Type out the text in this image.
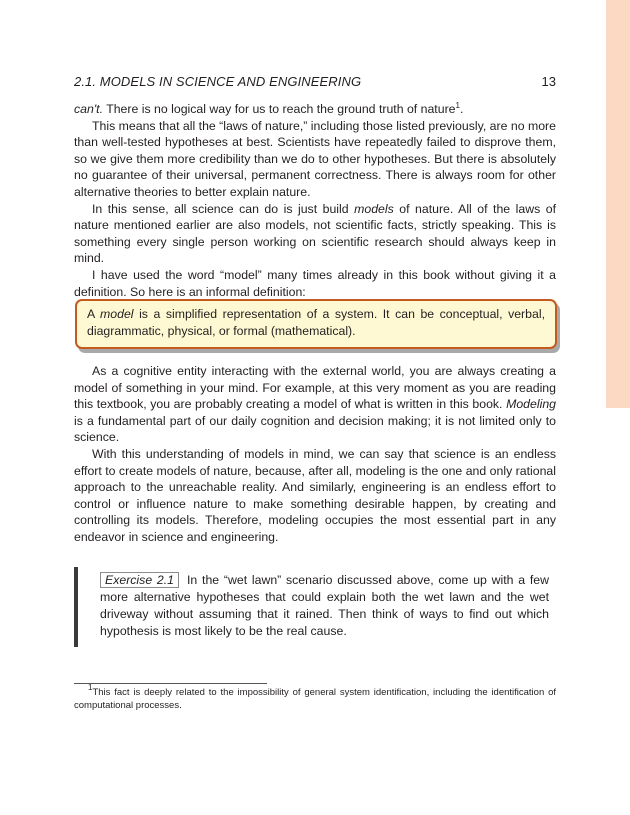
2.1. MODELS IN SCIENCE AND ENGINEERING	13

can't. There is no logical way for us to reach the ground truth of nature$^1$.

This means that all the “laws of nature,” including those listed previously, are no more than well-tested hypotheses at best. Scientists have repeatedly failed to disprove them, so we give them more credibility than we do to other hypotheses. But there is absolutely no guarantee of their universal, permanent correctness. There is always room for other alternative theories to better explain nature.

In this sense, all science can do is just build models of nature. All of the laws of nature mentioned earlier are also models, not scientific facts, strictly speaking. This is something every single person working on scientific research should always keep in mind.

I have used the word “model” many times already in this book without giving it a definition. So here is an informal definition:

A model is a simplified representation of a system. It can be conceptual, verbal, diagrammatic, physical, or formal (mathematical).

As a cognitive entity interacting with the external world, you are always creating a model of something in your mind. For example, at this very moment as you are reading this textbook, you are probably creating a model of what is written in this book. Modeling is a fundamental part of our daily cognition and decision making; it is not limited only to science.

With this understanding of models in mind, we can say that science is an endless effort to create models of nature, because, after all, modeling is the one and only rational approach to the unreachable reality. And similarly, engineering is an endless effort to control or influence nature to make something desirable happen, by creating and controlling its models. Therefore, modeling occupies the most essential part in any endeavor in science and engineering.

Exercise 2.1 In the “wet lawn” scenario discussed above, come up with a few more alternative hypotheses that could explain both the wet lawn and the wet driveway without assuming that it rained. Then think of ways to find out which hypothesis is most likely to be the real cause.

$^1$This fact is deeply related to the impossibility of general system identification, including the identification of computational processes.
